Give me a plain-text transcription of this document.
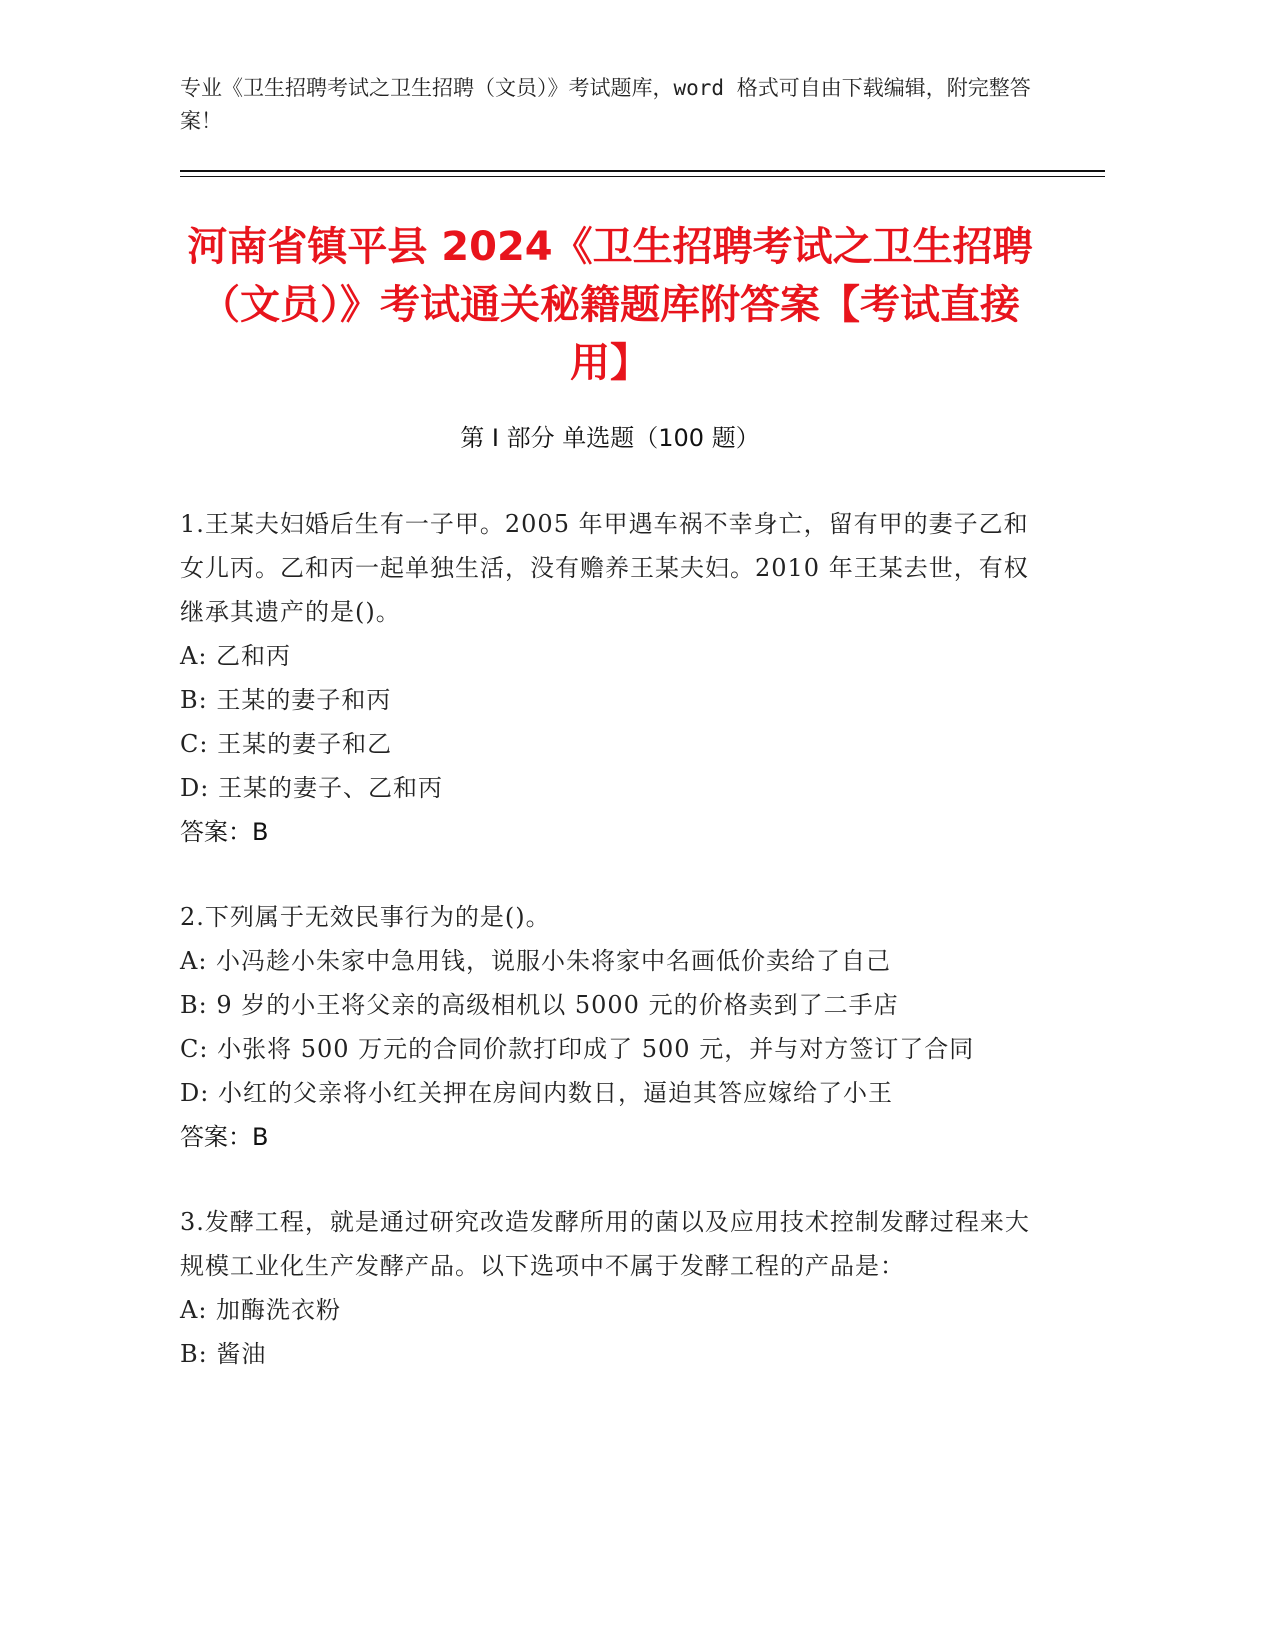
专业《卫生招聘考试之卫生招聘（文员）》考试题库，word 格式可自由下载编辑，附完整答案！
河南省镇平县 2024《卫生招聘考试之卫生招聘（文员）》考试通关秘籍题库附答案【考试直接用】
第 I 部分 单选题（100 题）

1.王某夫妇婚后生有一子甲。2005 年甲遇车祸不幸身亡，留有甲的妻子乙和女儿丙。乙和丙一起单独生活，没有赡养王某夫妇。2010 年王某去世，有权继承其遗产的是()。

A: 乙和丙

B: 王某的妻子和丙

C: 王某的妻子和乙

D: 王某的妻子、乙和丙

答案：B

2.下列属于无效民事行为的是()。

A: 小冯趁小朱家中急用钱，说服小朱将家中名画低价卖给了自己

B: 9 岁的小王将父亲的高级相机以 5000 元的价格卖到了二手店

C: 小张将 500 万元的合同价款打印成了 500 元，并与对方签订了合同

D: 小红的父亲将小红关押在房间内数日，逼迫其答应嫁给了小王

答案：B

3.发酵工程，就是通过研究改造发酵所用的菌以及应用技术控制发酵过程来大规模工业化生产发酵产品。以下选项中不属于发酵工程的产品是：

A: 加酶洗衣粉

B: 酱油
